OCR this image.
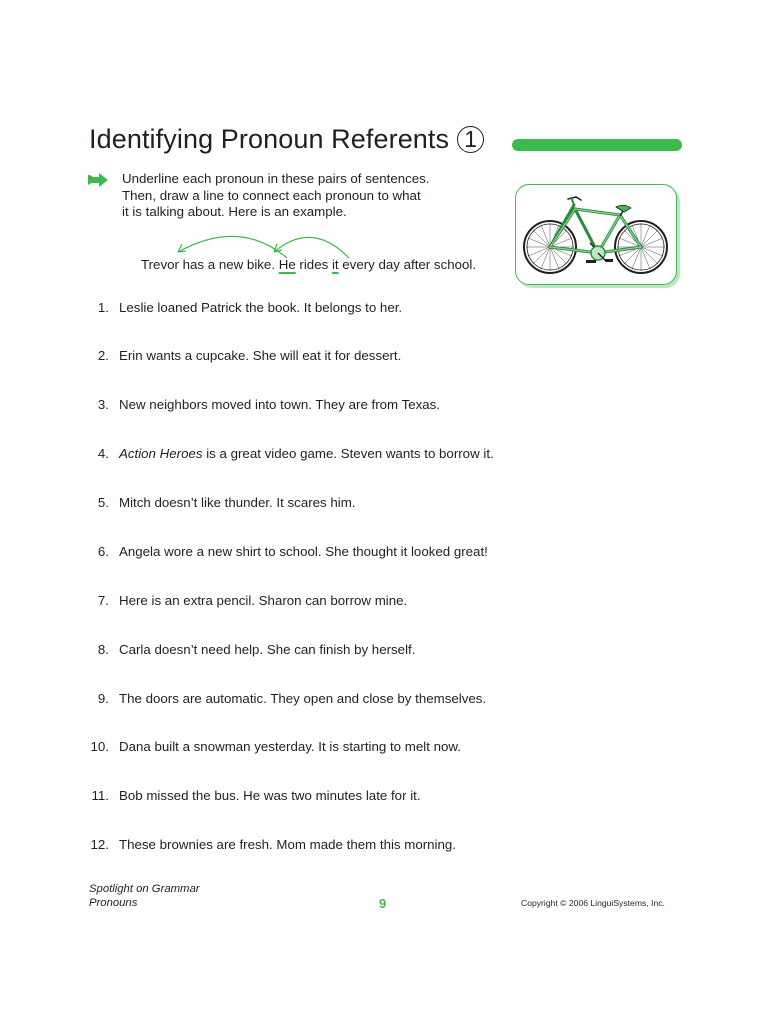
Identifying Pronoun Referents 1
Underline each pronoun in these pairs of sentences.
Then, draw a line to connect each pronoun to what
it is talking about. Here is an example.
Trevor has a new bike. He rides it every day after school.
1. Leslie loaned Patrick the book. It belongs to her.
2. Erin wants a cupcake. She will eat it for dessert.
3. New neighbors moved into town. They are from Texas.
4. Action Heroes is a great video game. Steven wants to borrow it.
5. Mitch doesn’t like thunder. It scares him.
6. Angela wore a new shirt to school. She thought it looked great!
7. Here is an extra pencil. Sharon can borrow mine.
8. Carla doesn’t need help. She can finish by herself.
9. The doors are automatic. They open and close by themselves.
10. Dana built a snowman yesterday. It is starting to melt now.
11. Bob missed the bus. He was two minutes late for it.
12. These brownies are fresh. Mom made them this morning.
Spotlight on Grammar
Pronouns	9	Copyright © 2006 LinguiSystems, Inc.
